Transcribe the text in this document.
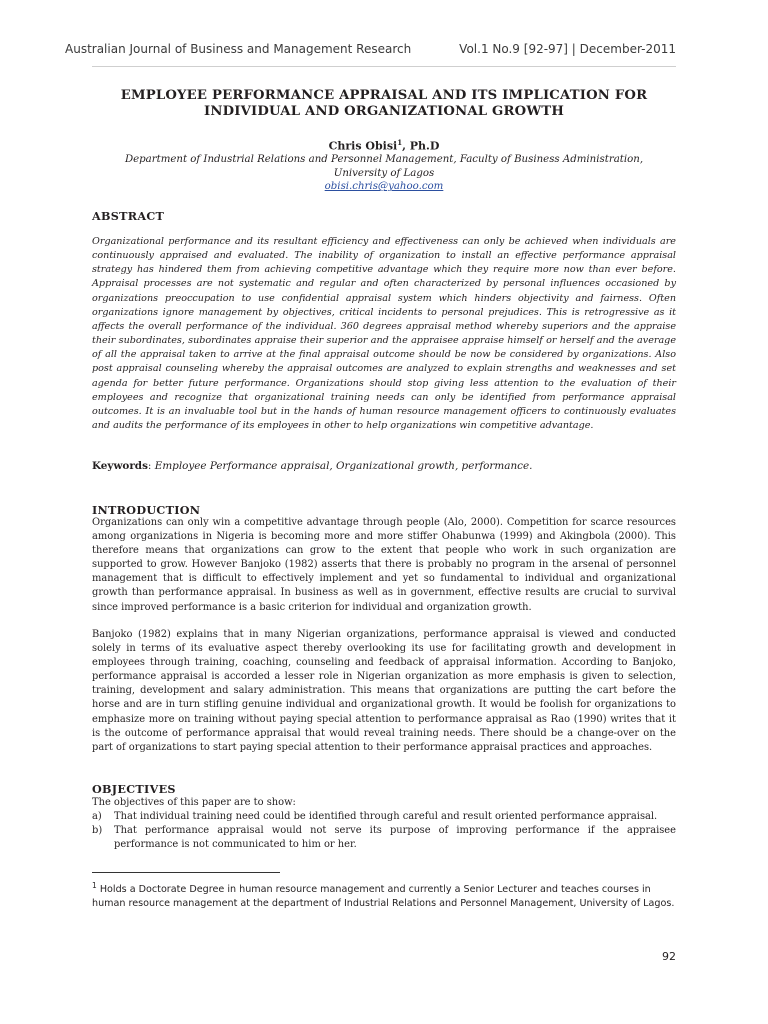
Australian Journal of Business and Management Research	Vol.1 No.9 [92-97] | December-2011
EMPLOYEE PERFORMANCE APPRAISAL AND ITS IMPLICATION FOR
INDIVIDUAL AND ORGANIZATIONAL GROWTH
Chris Obisi$^1$, Ph.D
Department of Industrial Relations and Personnel Management, Faculty of Business Administration,
University of Lagos
obisi.chris@yahoo.com
ABSTRACT
Organizational performance and its resultant efficiency and effectiveness can only be achieved when individuals are continuously appraised and evaluated. The inability of organization to install an effective performance appraisal strategy has hindered them from achieving competitive advantage which they require more now than ever before. Appraisal processes are not systematic and regular and often characterized by personal influences occasioned by organizations preoccupation to use confidential appraisal system which hinders objectivity and fairness. Often organizations ignore management by objectives, critical incidents to personal prejudices. This is retrogressive as it affects the overall performance of the individual. 360 degrees appraisal method whereby superiors and the appraise their subordinates, subordinates appraise their superior and the appraisee appraise himself or herself and the average of all the appraisal taken to arrive at the final appraisal outcome should be now be considered by organizations. Also post appraisal counseling whereby the appraisal outcomes are analyzed to explain strengths and weaknesses and set agenda for better future performance. Organizations should stop giving less attention to the evaluation of their employees and recognize that organizational training needs can only be identified from performance appraisal outcomes. It is an invaluable tool but in the hands of human resource management officers to continuously evaluates and audits the performance of its employees in other to help organizations win competitive advantage.
Keywords: Employee Performance appraisal, Organizational growth, performance.
INTRODUCTION
Organizations can only win a competitive advantage through people (Alo, 2000). Competition for scarce resources among organizations in Nigeria is becoming more and more stiffer Ohabunwa (1999) and Akingbola (2000). This therefore means that organizations can grow to the extent that people who work in such organization are supported to grow. However Banjoko (1982) asserts that there is probably no program in the arsenal of personnel management that is difficult to effectively implement and yet so fundamental to individual and organizational growth than performance appraisal. In business as well as in government, effective results are crucial to survival since improved performance is a basic criterion for individual and organization growth.
Banjoko (1982) explains that in many Nigerian organizations, performance appraisal is viewed and conducted solely in terms of its evaluative aspect thereby overlooking its use for facilitating growth and development in employees through training, coaching, counseling and feedback of appraisal information. According to Banjoko, performance appraisal is accorded a lesser role in Nigerian organization as more emphasis is given to selection, training, development and salary administration. This means that organizations are putting the cart before the horse and are in turn stifling genuine individual and organizational growth. It would be foolish for organizations to emphasize more on training without paying special attention to performance appraisal as Rao (1990) writes that it is the outcome of performance appraisal that would reveal training needs. There should be a change-over on the part of organizations to start paying special attention to their performance appraisal practices and approaches.
OBJECTIVES
The objectives of this paper are to show:
a)	That individual training need could be identified through careful and result oriented performance appraisal.
b)	That performance appraisal would not serve its purpose of improving performance if the appraisee performance is not communicated to him or her.
$^1$ Holds a Doctorate Degree in human resource management and currently a Senior Lecturer and teaches courses in human resource management at the department of Industrial Relations and Personnel Management, University of Lagos.
92
